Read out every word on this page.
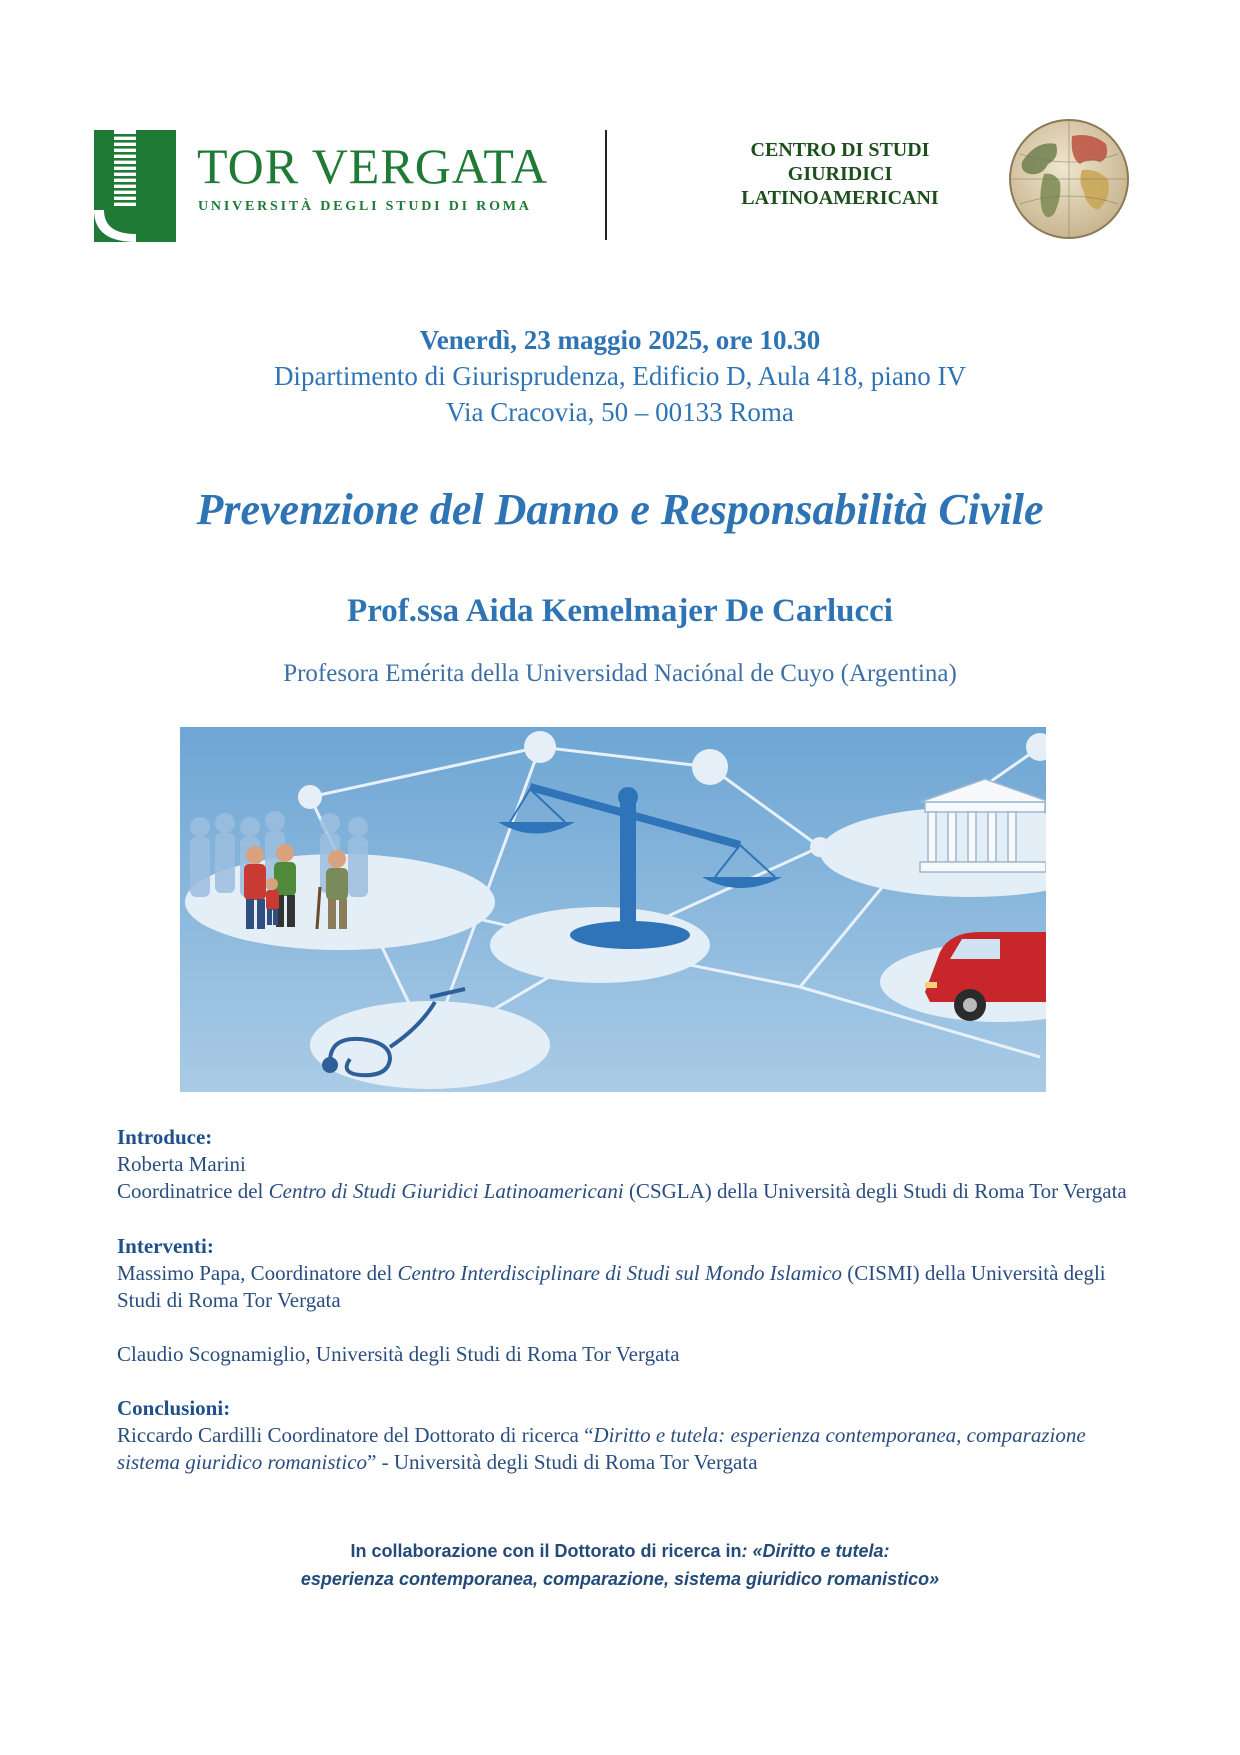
TOR VERGATA
UNIVERSITÀ DEGLI STUDI DI ROMA
CENTRO DI STUDI
GIURIDICI
LATINOAMERICANI
Venerdì, 23 maggio 2025, ore 10.30
Dipartimento di Giurisprudenza, Edificio D, Aula 418, piano IV
Via Cracovia, 50 – 00133 Roma
Prevenzione del Danno e Responsabilità Civile
Prof.ssa Aida Kemelmajer De Carlucci
Profesora Emérita della Universidad Naciónal de Cuyo (Argentina)

Introduce:

Roberta Marini

Coordinatrice del Centro di Studi Giuridici Latinoamericani (CSGLA) della Università degli Studi di Roma Tor Vergata

Interventi:

Massimo Papa, Coordinatore del Centro Interdisciplinare di Studi sul Mondo Islamico (CISMI) della Università degli Studi di Roma Tor Vergata

Claudio Scognamiglio, Università degli Studi di Roma Tor Vergata

Conclusioni:

Riccardo Cardilli Coordinatore del Dottorato di ricerca “Diritto e tutela: esperienza contemporanea, comparazione sistema giuridico romanistico” - Università degli Studi di Roma Tor Vergata

In collaborazione con il Dottorato di ricerca in: «Diritto e tutela:
esperienza contemporanea, comparazione, sistema giuridico romanistico»
